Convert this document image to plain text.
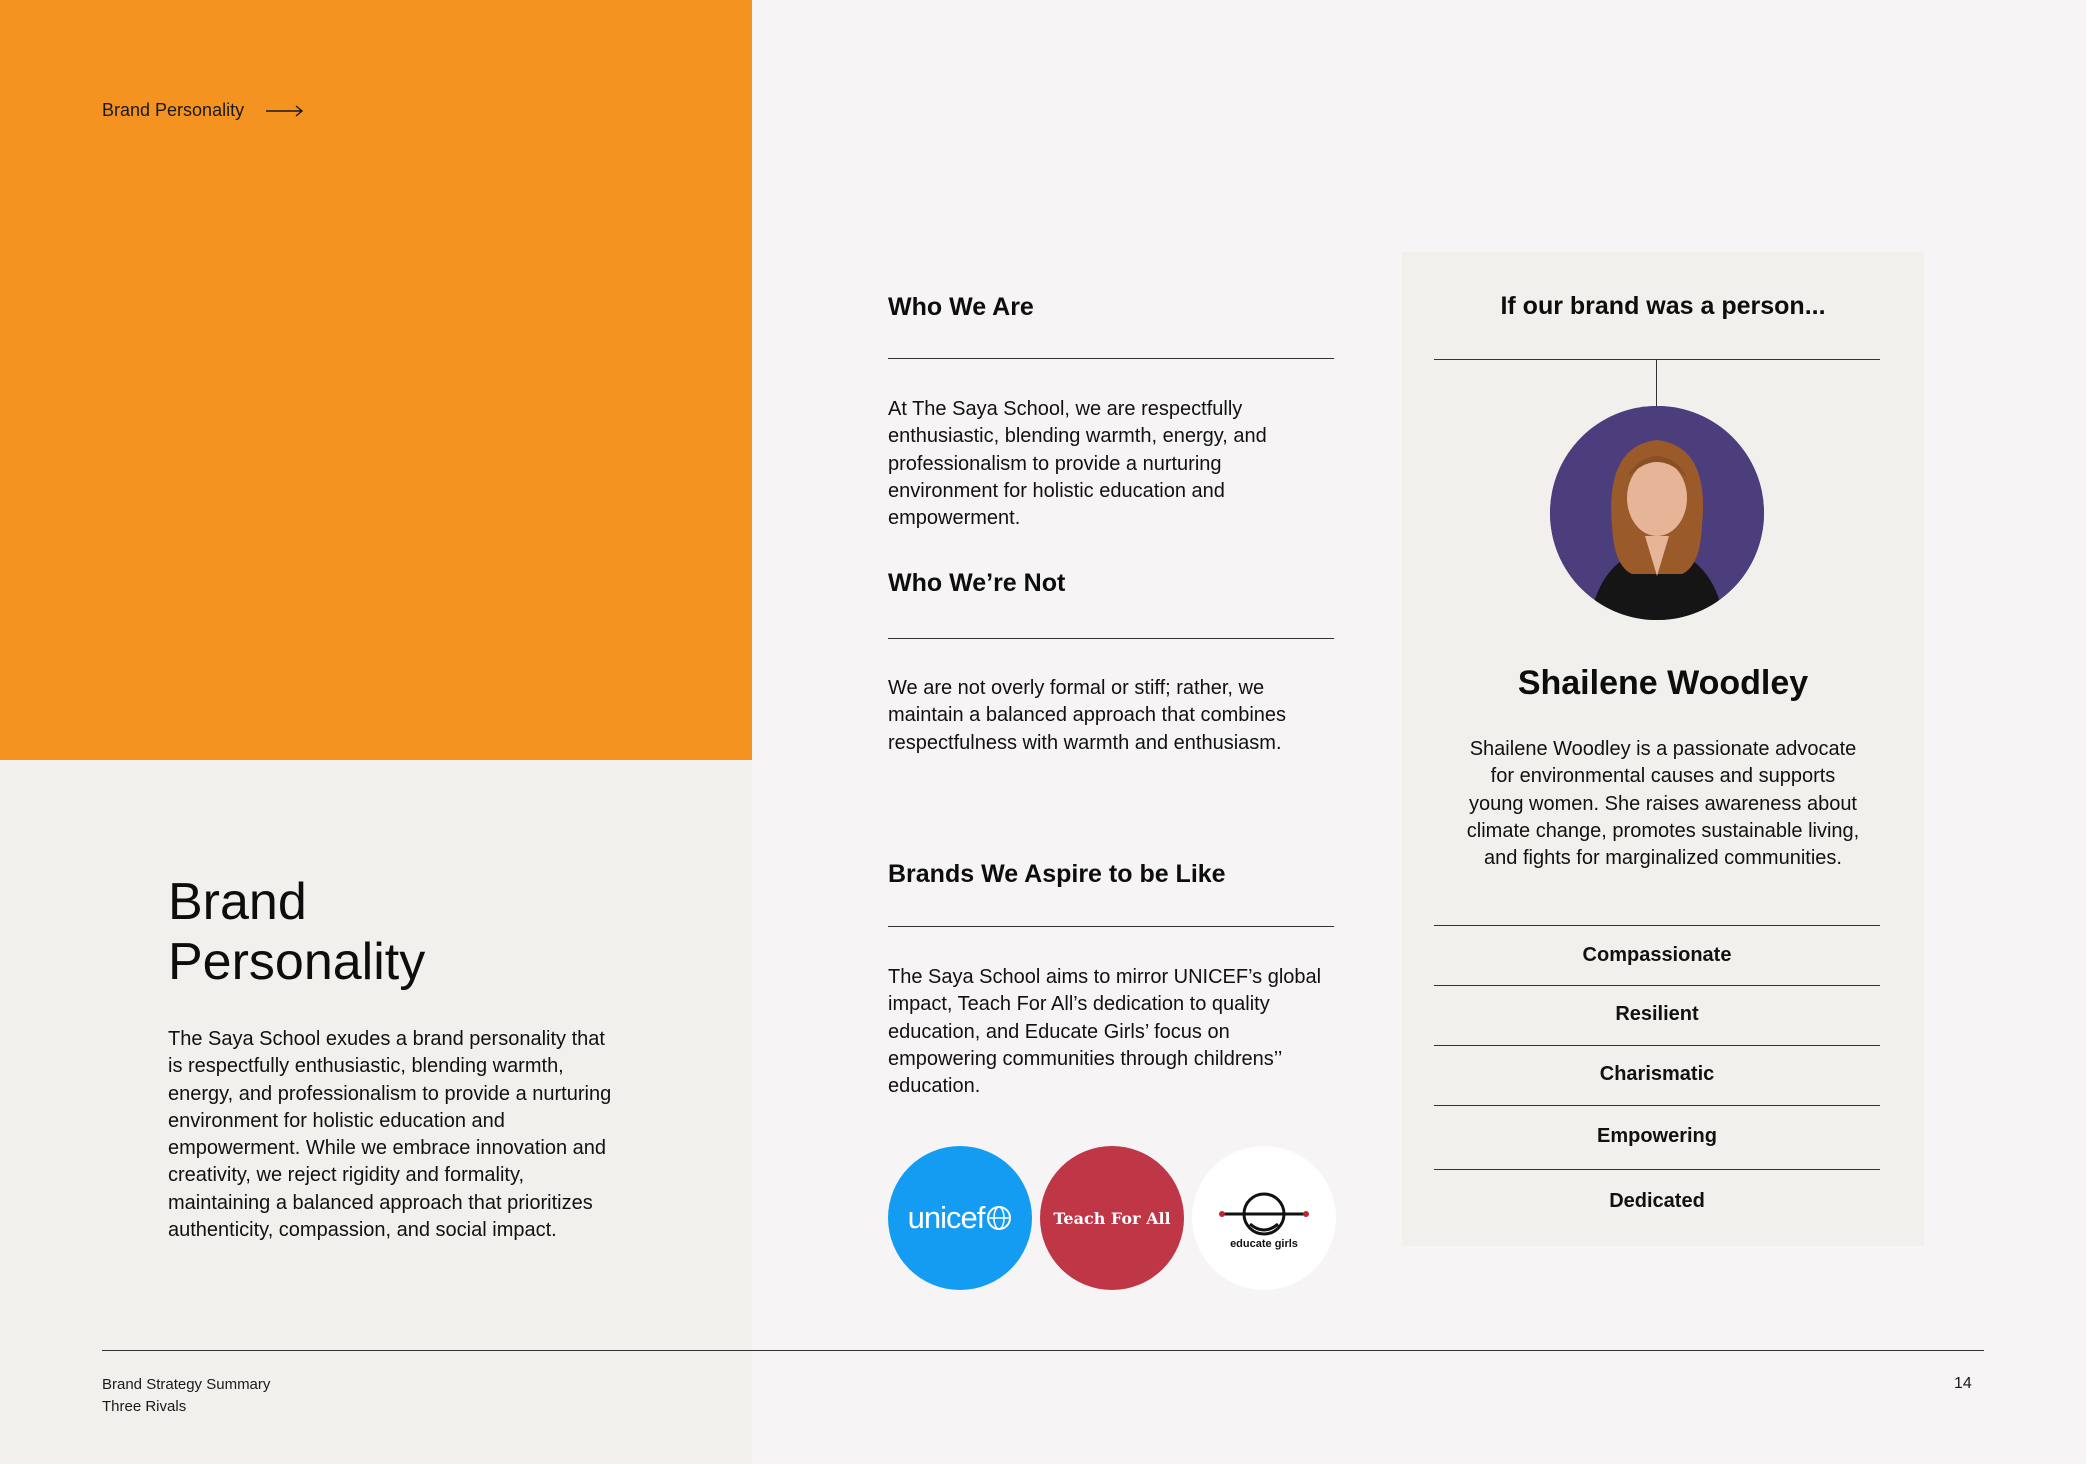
Brand Personality
Brand
Personality
The Saya School exudes a brand personality that is respectfully enthusiastic, blending warmth, energy, and professionalism to provide a nurturing environment for holistic education and empowerment. While we embrace innovation and creativity, we reject rigidity and formality, maintaining a balanced approach that prioritizes authenticity, compassion, and social impact.
Who We Are
At The Saya School, we are respectfully enthusiastic, blending warmth, energy, and professionalism to provide a nurturing environment for holistic education and empowerment.
Who We’re Not
We are not overly formal or stiff; rather, we maintain a balanced approach that combines respectfulness with warmth and enthusiasm.
Brands We Aspire to be Like
The Saya School aims to mirror UNICEF’s global impact, Teach For All’s dedication to quality education, and Educate Girls’ focus on empowering communities through childrens’’ education.
unicef	Teach For All
educate girls
If our brand was a person...
Shailene Woodley
Shailene Woodley is a passionate advocate for environmental causes and supports young women. She raises awareness about climate change, promotes sustainable living, and fights for marginalized communities.
Compassionate
Resilient
Charismatic
Empowering
Dedicated
Brand Strategy Summary
Three Rivals
14
